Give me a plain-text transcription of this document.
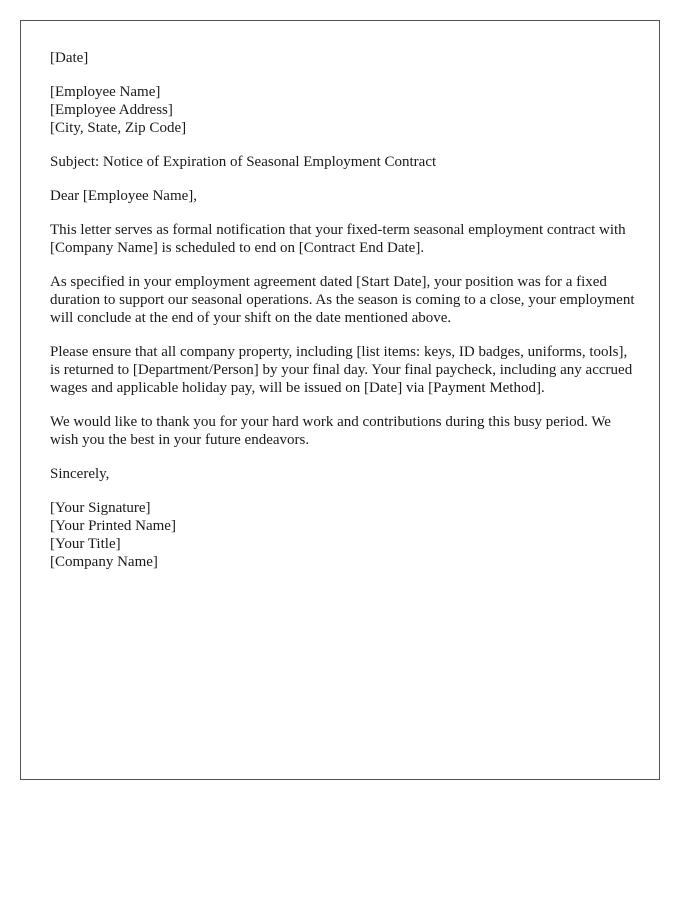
[Date]

[Employee Name]
[Employee Address]
[City, State, Zip Code]

Subject: Notice of Expiration of Seasonal Employment Contract

Dear [Employee Name],

This letter serves as formal notification that your fixed-term seasonal employment contract with [Company Name] is scheduled to end on [Contract End Date].

As specified in your employment agreement dated [Start Date], your position was for a fixed duration to support our seasonal operations. As the season is coming to a close, your employment will conclude at the end of your shift on the date mentioned above.

Please ensure that all company property, including [list items: keys, ID badges, uniforms, tools], is returned to [Department/Person] by your final day. Your final paycheck, including any accrued wages and applicable holiday pay, will be issued on [Date] via [Payment Method].

We would like to thank you for your hard work and contributions during this busy period. We wish you the best in your future endeavors.

Sincerely,

[Your Signature]
[Your Printed Name]
[Your Title]
[Company Name]
